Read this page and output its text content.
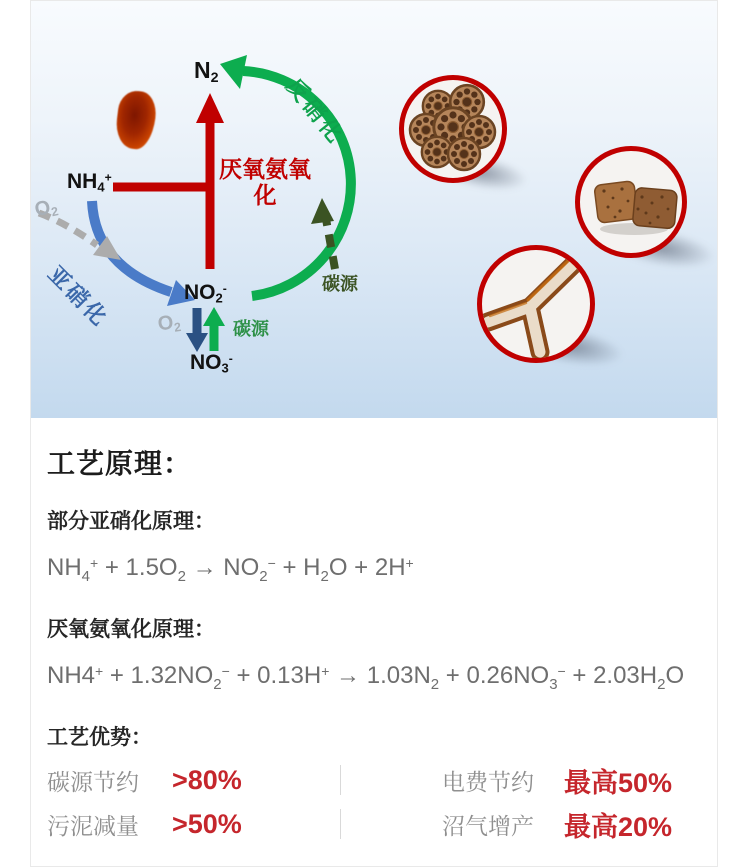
$N_2$
$NH_4^+$
$NO_2^-$
$NO_3^-$
厌氧氨氧化
反硝化
亚硝化
$O_2$
$O_2$	碳源
碳源
工艺原理：
部分亚硝化原理：

$NH_4^+ + 1.5O_2 \to NO_2^- + H_2O + 2H^+$

厌氧氨氧化原理：

$NH4^+ + 1.32NO_2^- + 0.13H^+ \to 1.03N_2 + 0.26NO_3^- + 2.03H_2O$

工艺优势：
碳源节约	>80%	电费节约	最高50%
污泥减量	>50%	沼气增产	最高20%
